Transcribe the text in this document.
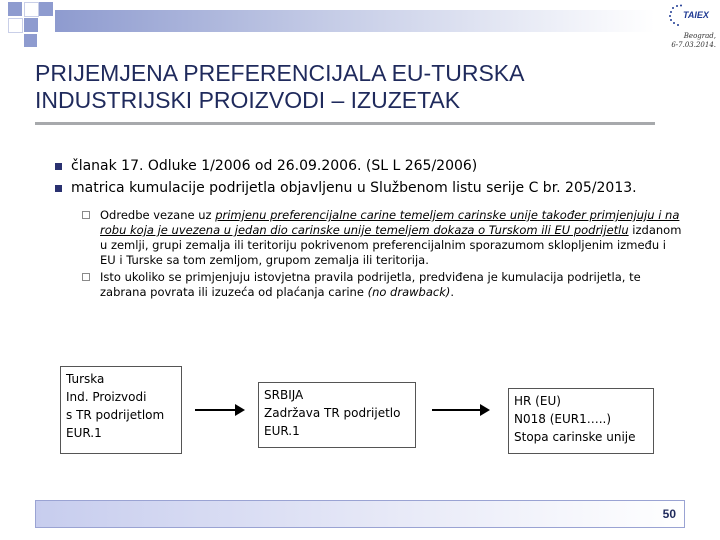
TAIEX
Beograd,
6-7.03.2014.
PRIJEMJENA PREFERENCIJALA EU-TURSKA
INDUSTRIJSKI PROIZVODI – IZUZETAK
član​ak 17. Odluke 1/2006 od 26.09.2006. (SL L 265/2006)
matrica kumulacije podrijetla objavljenu u Službenom listu serije C br. 205/2013.
Odredbe vezane uz primjenu preferencijalne carine temeljem carinske unije također primjenjuju i na robu koja je uvezena u jedan dio carinske unije temeljem dokaza o Turskom ili EU podrijetlu izdanom u zemlji, grupi zemalja ili teritoriju pokrivenom preferencijalnim sporazumom sklopljenim između i EU i Turske sa tom zemljom, grupom zemalja ili teritorija.
Isto ukoliko se primjenjuju istovjetna pravila podrijetla, predviđena je kumulacija podrijetla, te zabrana povrata ili izuzeća od plaćanja carine (no drawback).
Turska
Ind. Proizvodi
s TR podrijetlom
EUR.1
SRBIJA
Zadržava TR podrijetlo
EUR.1
HR (EU)
N018 (EUR1…..)
Stopa carinske unije
50
